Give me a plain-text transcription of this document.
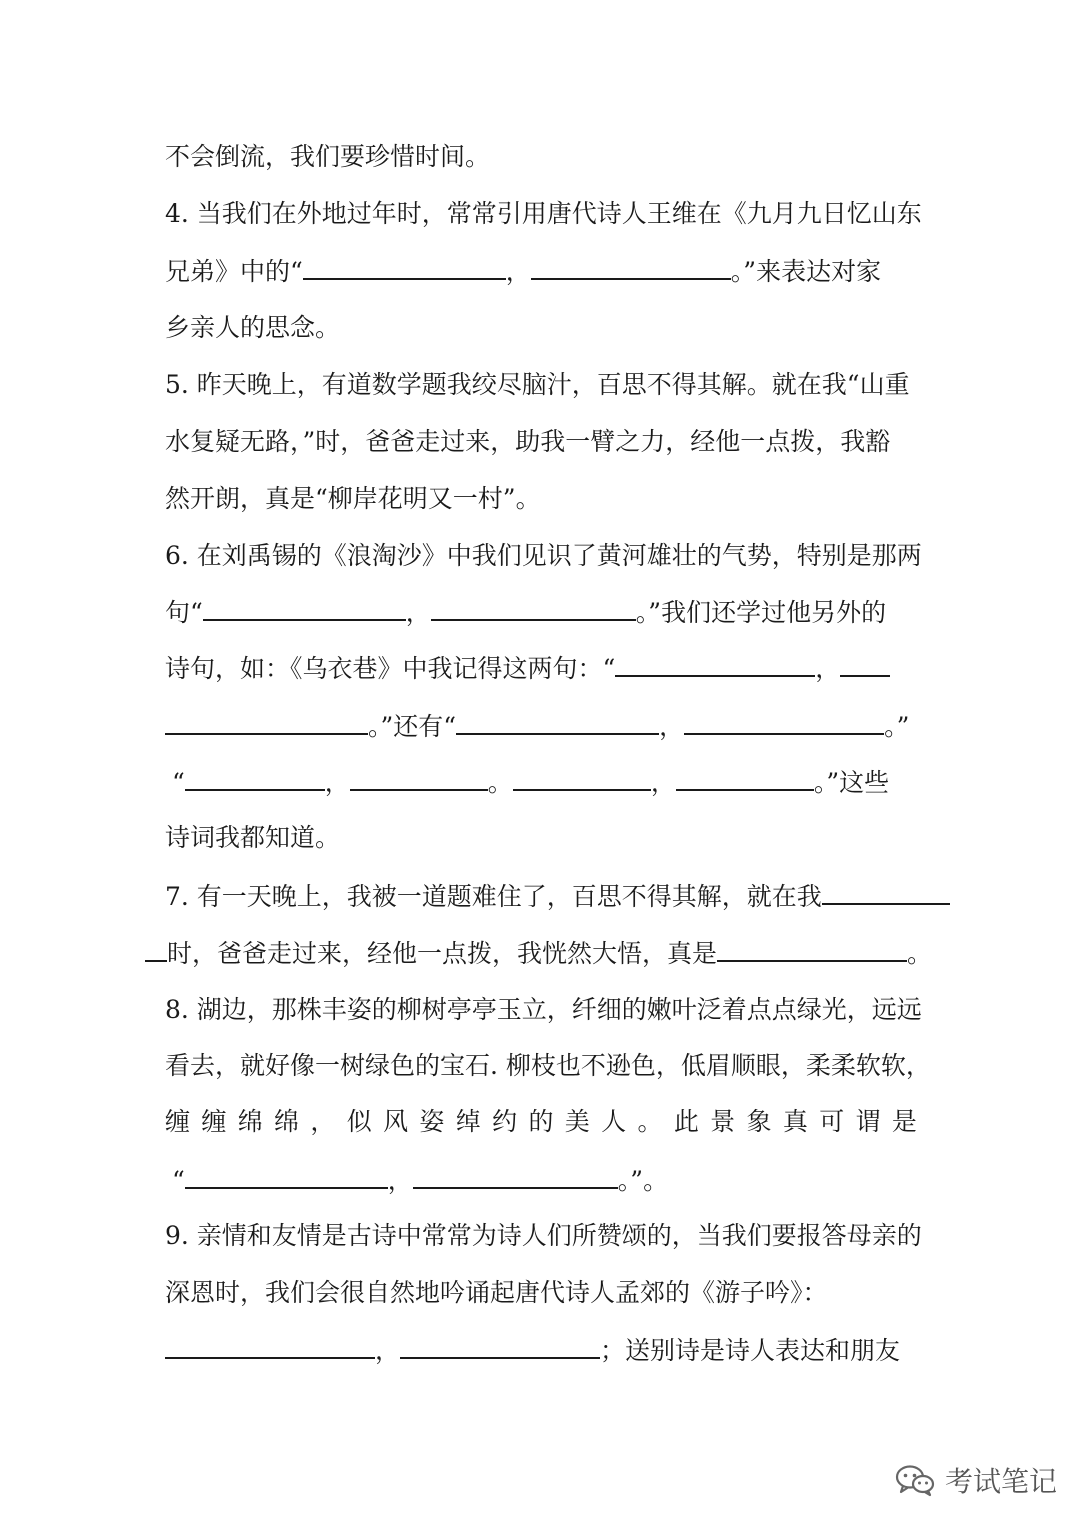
不会倒流，我们要珍惜时间。
4. 当我们在外地过年时，常常引用唐代诗人王维在《九月九日忆山东
兄弟》中的“	，	。”来表达对家
乡亲人的思念。
5. 昨天晚上，有道数学题我绞尽脑汁，百思不得其解。就在我“山重
水复疑无路，”时，爸爸走过来，助我一臂之力，经他一点拨，我豁
然开朗，真是“柳岸花明又一村”。
6. 在刘禹锡的《浪淘沙》中我们见识了黄河雄壮的气势，特别是那两
句“	，	。”我们还学过他另外的
诗句，如：《乌衣巷》中我记得这两句：“	，
。”还有“	，	。”
“	，	。	，	。”这些
诗词我都知道。
7. 有一天晚上，我被一道题难住了，百思不得其解，就在我
时，爸爸走过来，经他一点拨，我恍然大悟，真是	。
8. 湖边，那株丰姿的柳树亭亭玉立，纤细的嫩叶泛着点点绿光，远远
看去，就好像一树绿色的宝石. 柳枝也不逊色，低眉顺眼，柔柔软软，
缠 缠 绵 绵 ， 似 风 姿 绰 约 的 美 人 。 此 景 象 真 可 谓 是
“	，	。”。
9. 亲情和友情是古诗中常常为诗人们所赞颂的，当我们要报答母亲的
深恩时，我们会很自然地吟诵起唐代诗人孟郊的《游子吟》：
，	；送别诗是诗人表达和朋友
考试笔记
